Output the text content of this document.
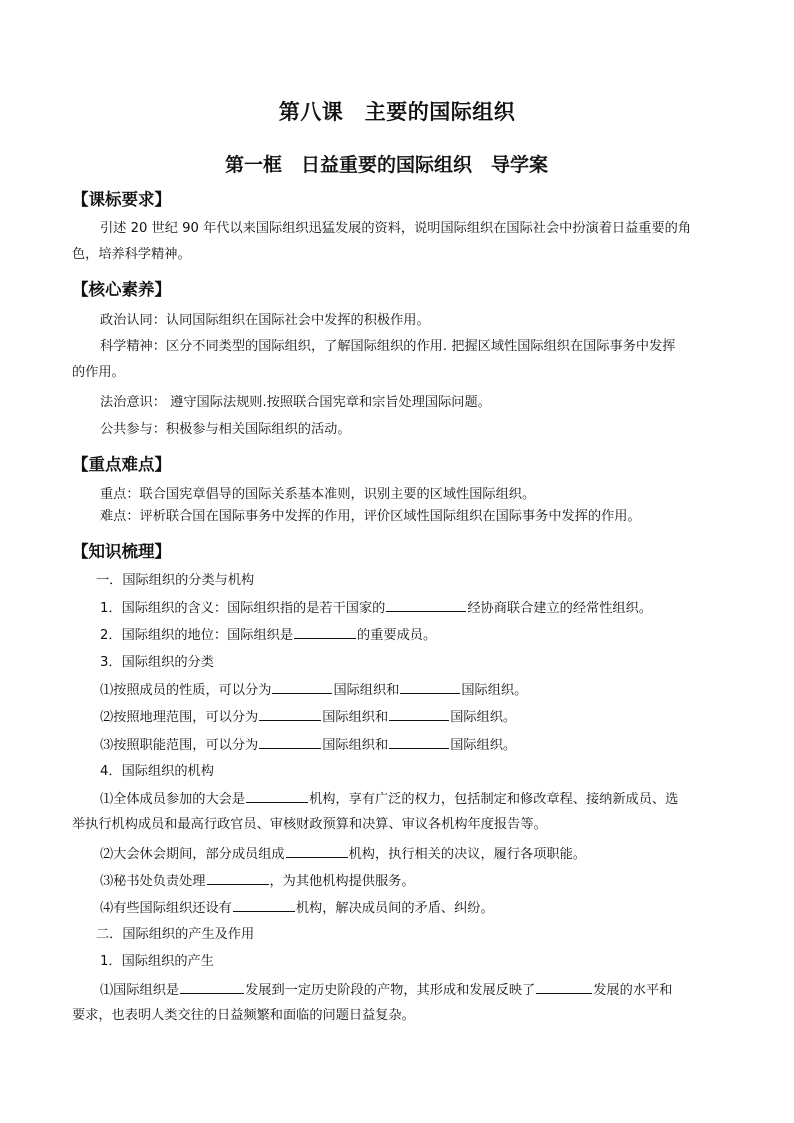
第八课　主要的国际组织
第一框　日益重要的国际组织　导学案
【课标要求】
引述 20 世纪 90 年代以来国际组织迅猛发展的资料，说明国际组织在国际社会中扮演着日益重要的角
色，培养科学精神。
【核心素养】
政治认同：认同国际组织在国际社会中发挥的积极作用。
科学精神：区分不同类型的国际组织，了解国际组织的作用. 把握区域性国际组织在国际事务中发挥
的作用。
法治意识： 遵守国际法规则.按照联合国宪章和宗旨处理国际问题。
公共参与：积极参与相关国际组织的活动。
【重点难点】
重点：联合国宪章倡导的国际关系基本准则，识别主要的区域性国际组织。
难点：评析联合国在国际事务中发挥的作用，评价区域性国际组织在国际事务中发挥的作用。
【知识梳理】
一．国际组织的分类与机构
1．国际组织的含义：国际组织指的是若干国家的	经协商联合建立的经常性组织。
2．国际组织的地位：国际组织是	的重要成员。
3．国际组织的分类
⑴按照成员的性质，可以分为	国际组织和	国际组织。
⑵按照地理范围，可以分为	国际组织和	国际组织。
⑶按照职能范围，可以分为	国际组织和	国际组织。
4．国际组织的机构
⑴全体成员参加的大会是	机构，享有广泛的权力，包括制定和修改章程、接纳新成员、选
举执行机构成员和最高行政官员、审核财政预算和决算、审议各机构年度报告等。
⑵大会休会期间，部分成员组成	机构，执行相关的决议，履行各项职能。
⑶秘书处负责处理	，为其他机构提供服务。
⑷有些国际组织还设有	机构，解决成员间的矛盾、纠纷。
二．国际组织的产生及作用
1．国际组织的产生
⑴国际组织是	发展到一定历史阶段的产物，其形成和发展反映了	发展的水平和
要求，也表明人类交往的日益频繁和面临的问题日益复杂。
